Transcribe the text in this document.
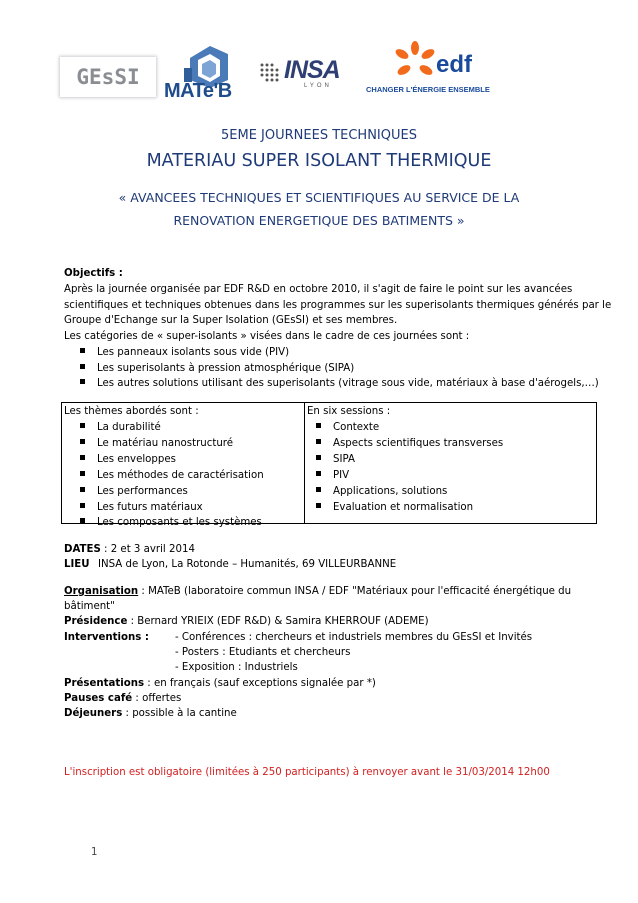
GEsSI
MATe'B
INSA
LYON
edf
CHANGER L'ÉNERGIE ENSEMBLE
5EME JOURNEES TECHNIQUES
MATERIAU SUPER ISOLANT THERMIQUE
« AVANCEES TECHNIQUES ET SCIENTIFIQUES AU SERVICE DE LA
RENOVATION ENERGETIQUE DES BATIMENTS »
Objectifs :
Après la journée organisée par EDF R&D en octobre 2010, il s'agit de faire le point sur les avancées
scientifiques et techniques obtenues dans les programmes sur les superisolants thermiques générés par le
Groupe d'Echange sur la Super Isolation (GEsSI) et ses membres.
Les catégories de « super-isolants » visées dans le cadre de ces journées sont :
Les panneaux isolants sous vide (PIV)
Les superisolants à pression atmosphérique (SIPA)
Les autres solutions utilisant des superisolants (vitrage sous vide, matériaux à base d'aérogels,…)
Les thèmes abordés sont :
La durabilité
Le matériau nanostructuré
Les enveloppes
Les méthodes de caractérisation
Les performances
Les futurs matériaux
Les composants et les systèmes
En six sessions :
Contexte
Aspects scientifiques transverses
SIPA
PIV
Applications, solutions
Evaluation et normalisation
DATES : 2 et 3 avril 2014
LIEU INSA de Lyon, La Rotonde – Humanités, 69 VILLEURBANNE
Organisation : MATeB (laboratoire commun INSA / EDF "Matériaux pour l'efficacité énergétique du
bâtiment"
Présidence : Bernard YRIEIX (EDF R&D) & Samira KHERROUF (ADEME)
Interventions :	- Conférences : chercheurs et industriels membres du GEsSI et Invités
- Posters : Etudiants et chercheurs
- Exposition : Industriels
Présentations : en français (sauf exceptions signalée par *)
Pauses café : offertes
Déjeuners : possible à la cantine
L'inscription est obligatoire (limitées à 250 participants) à renvoyer avant le 31/03/2014 12h00
1
